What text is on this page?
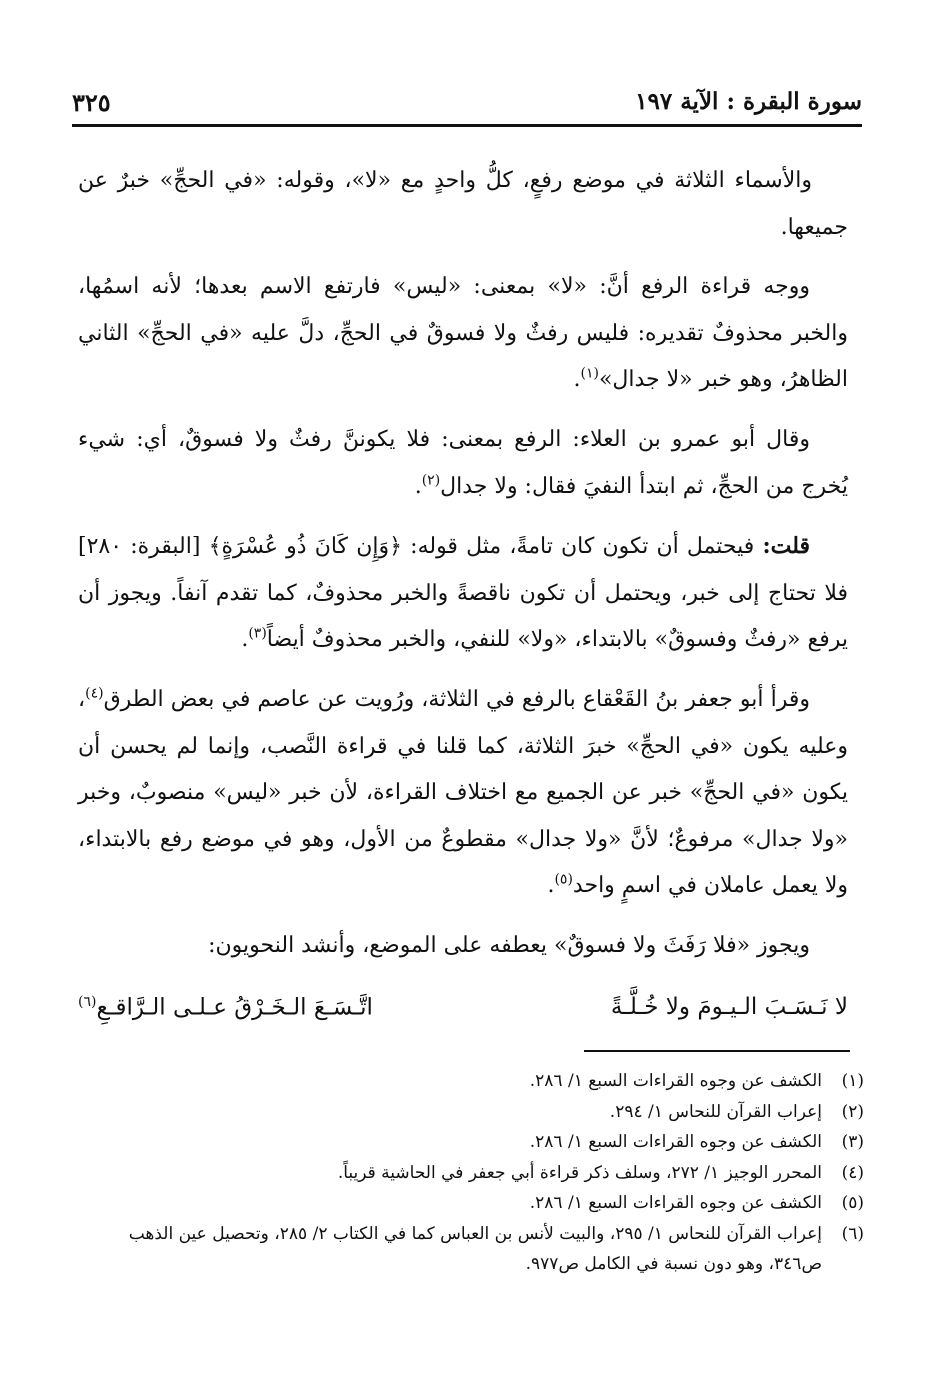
سورة البقرة : الآية ١٩٧
٣٢٥

والأسماء الثلاثة في موضع رفعٍ، كلُّ واحدٍ مع «لا»، وقوله: «في الحجِّ» خبرٌ عن جميعها.

ووجه قراءة الرفع أنَّ: «لا» بمعنى: «ليس» فارتفع الاسم بعدها؛ لأنه اسمُها، والخبر محذوفٌ تقديره: فليس رفثٌ ولا فسوقٌ في الحجِّ، دلَّ عليه «في الحجِّ» الثاني الظاهرُ، وهو خبر «لا جدال»$^{(١)}$.

وقال أبو عمرو بن العلاء: الرفع بمعنى: فلا يكوننَّ رفثٌ ولا فسوقٌ، أي: شيء يُخرج من الحجِّ، ثم ابتدأ النفيَ فقال: ولا جدال$^{(٢)}$.

قلت: فيحتمل أن تكون كان تامةً، مثل قوله: ﴿وَإِن كَانَ ذُو عُسْرَةٍ﴾ [البقرة: ٢٨٠] فلا تحتاج إلى خبر، ويحتمل أن تكون ناقصةً والخبر محذوفٌ، كما تقدم آنفاً. ويجوز أن يرفع «رفثٌ وفسوقٌ» بالابتداء، «ولا» للنفي، والخبر محذوفٌ أيضاً$^{(٣)}$.

وقرأ أبو جعفر بنُ القَعْقاع بالرفع في الثلاثة، ورُويت عن عاصم في بعض الطرق$^{(٤)}$، وعليه يكون «في الحجِّ» خبرَ الثلاثة، كما قلنا في قراءة النَّصب، وإنما لم يحسن أن يكون «في الحجِّ» خبر عن الجميع مع اختلاف القراءة، لأن خبر «ليس» منصوبٌ، وخبر «ولا جدال» مرفوعٌ؛ لأنَّ «ولا جدال» مقطوعٌ من الأول، وهو في موضع رفع بالابتداء، ولا يعمل عاملان في اسمٍ واحد$^{(٥)}$.

ويجوز «فلا رَفَثَ ولا فسوقٌ» يعطفه على الموضع، وأنشد النحويون:

لا نَـسَـبَ الـيـومَ ولا خُـلَّـةً
اتَّـسَـعَ الـخَـرْقُ عـلـى الـرَّاقـعِ$^{(٦)}$
(١)
الكشف عن وجوه القراءات السبع ١/ ٢٨٦.
(٢)
إعراب القرآن للنحاس ١/ ٢٩٤.
(٣)
الكشف عن وجوه القراءات السبع ١/ ٢٨٦.
(٤)
المحرر الوجيز ١/ ٢٧٢، وسلف ذكر قراءة أبي جعفر في الحاشية قريباً.
(٥)
الكشف عن وجوه القراءات السبع ١/ ٢٨٦.
(٦)
إعراب القرآن للنحاس ١/ ٢٩٥، والبيت لأنس بن العباس كما في الكتاب ٢/ ٢٨٥، وتحصيل عين الذهب ص٣٤٦، وهو دون نسبة في الكامل ص٩٧٧.
